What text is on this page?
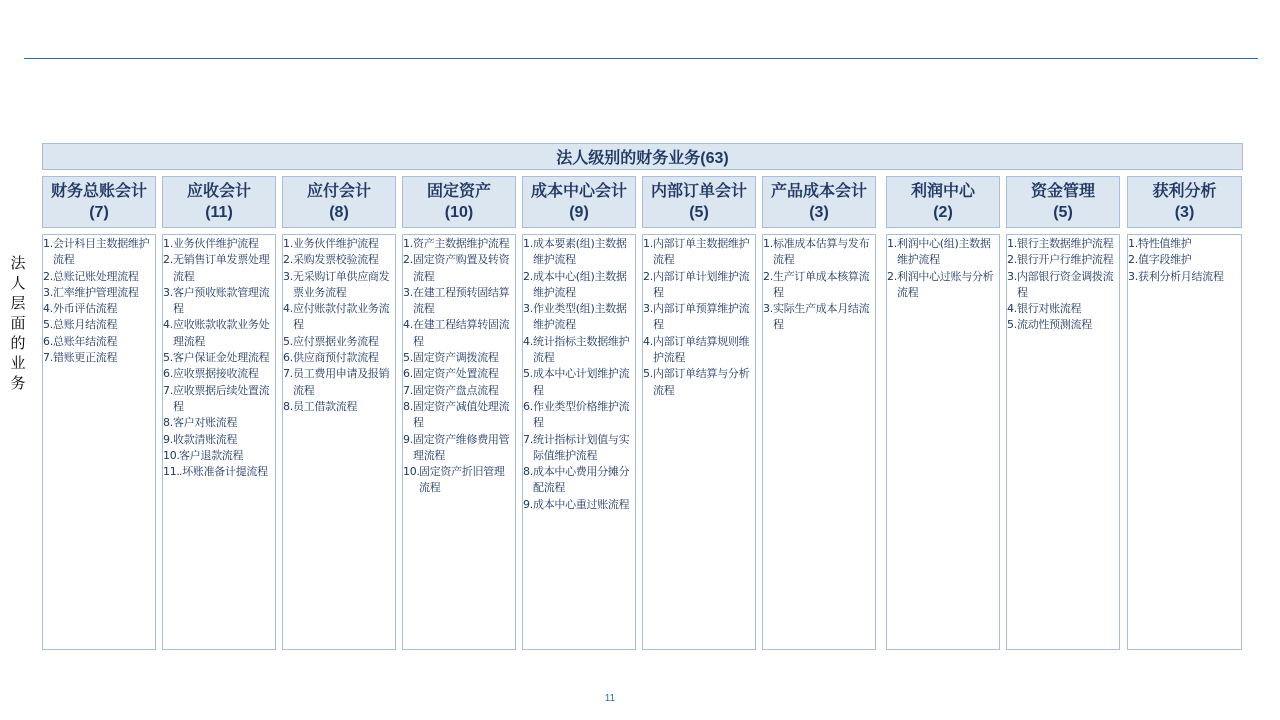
法人级别的财务业务(63)
法
人
层
面
的
业
务
财务总账会计
(7)
1. 会计科目主数据维护流程
2. 总账记账处理流程
3. 汇率维护管理流程
4. 外币评估流程
5. 总账月结流程
6. 总账年结流程
7. 错账更正流程
应收会计
(11)
1. 业务伙伴维护流程
2. 无销售订单发票处理流程
3. 客户预收账款管理流程
4. 应收账款收款业务处理流程
5. 客户保证金处理流程
6. 应收票据接收流程
7. 应收票据后续处置流程
8. 客户对账流程
9. 收款清账流程
10. 客户退款流程
11. .坏账准备计提流程
应付会计
(8)
1. 业务伙伴维护流程
2. 采购发票校验流程
3. 无采购订单供应商发票业务流程
4. 应付账款付款业务流程
5. 应付票据业务流程
6. 供应商预付款流程
7. 员工费用申请及报销流程
8. 员工借款流程
固定资产
(10)
1. 资产主数据维护流程
2. 固定资产购置及转资流程
3. 在建工程预转固结算流程
4. 在建工程结算转固流程
5. 固定资产调拨流程
6. 固定资产处置流程
7. 固定资产盘点流程
8. 固定资产减值处理流程
9. 固定资产维修费用管理流程
10. 固定资产折旧管理流程
成本中心会计
(9)
1. 成本要素(组)主数据维护流程
2. 成本中心(组)主数据维护流程
3. 作业类型(组)主数据维护流程
4. 统计指标主数据维护流程
5. 成本中心计划维护流程
6. 作业类型价格维护流程
7. 统计指标计划值与实际值维护流程
8. 成本中心费用分摊分配流程
9. 成本中心重过账流程
内部订单会计
(5)
1. 内部订单主数据维护流程
2. 内部订单计划维护流程
3. 内部订单预算维护流程
4. 内部订单结算规则维护流程
5. 内部订单结算与分析流程
产品成本会计
(3)
1. 标准成本估算与发布流程
2. 生产订单成本核算流程
3. 实际生产成本月结流程
利润中心
(2)
1. 利润中心(组)主数据维护流程
2. 利润中心过账与分析流程
资金管理
(5)
1. 银行主数据维护流程
2. 银行开户行维护流程
3. 内部银行资金调拨流程
4. 银行对账流程
5. 流动性预测流程
获利分析
(3)
1. 特性值维护
2. 值字段维护
3. 获利分析月结流程
11
